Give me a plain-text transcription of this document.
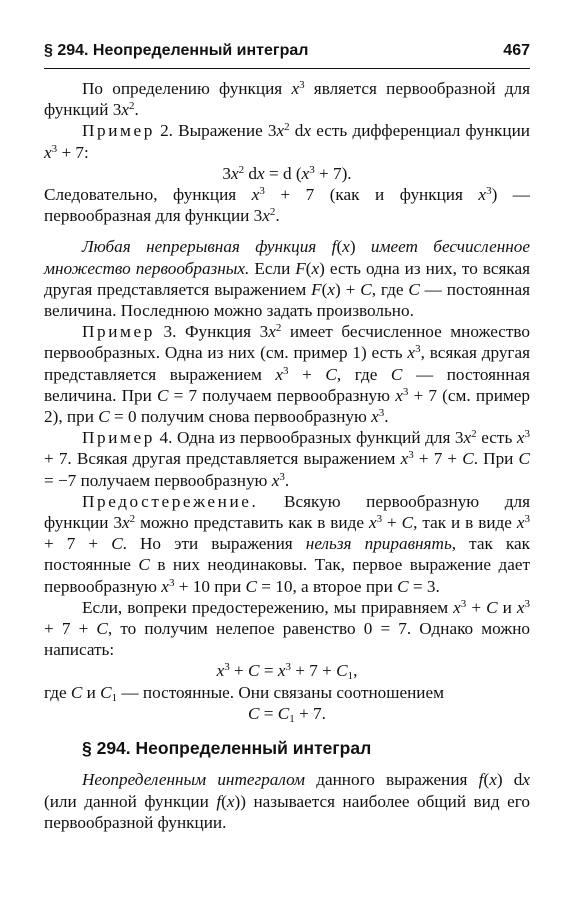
§ 294. Неопределенный интеграл	467

По определению функция $x^3$ является первообразной для функций $3x^2$.

Пример 2. Выражение $3x^2$ dx есть дифференциал функции $x^3 + 7$:

$3x^2$ dx = d $(x^3 + 7)$.

Следовательно, функция $x^3 + 7$ (как и функция $x^3$) — первообразная для функции $3x^2$.

Любая непрерывная функция f(x) имеет бесчисленное множество первообразных. Если F(x) есть одна из них, то всякая другая представляется выражением F(x) + C, где C — постоянная величина. Последнюю можно задать произвольно.

Пример 3. Функция $3x^2$ имеет бесчисленное множество первообразных. Одна из них (см. пример 1) есть $x^3$, всякая другая представляется выражением $x^3 + C$, где C — постоянная величина. При C = 7 получаем первообразную $x^3 + 7$ (см. пример 2), при C = 0 получим снова первообразную $x^3$.

Пример 4. Одна из первообразных функций для $3x^2$ есть $x^3 + 7$. Всякая другая представляется выражением $x^3 + 7 + C$. При C = −7 получаем первообразную $x^3$.

Предостережение. Всякую первообразную для функции $3x^2$ можно представить как в виде $x^3 + C$, так и в виде $x^3 + 7 + C$. Но эти выражения нельзя приравнять, так как постоянные C в них неодинаковы. Так, первое выражение дает первообразную $x^3 + 10$ при C = 10, а второе при C = 3.

Если, вопреки предостережению, мы приравняем $x^3 + C$ и $x^3 + 7 + C$, то получим нелепое равенство 0 = 7. Однако можно написать:

$x^3 + C = x^3 + 7 + C_1$,

где C и $C_1$ — постоянные. Они связаны соотношением

$C = C_1 + 7$.

§ 294. Неопределенный интеграл

Неопределенным интегралом данного выражения f(x) dx (или данной функции f(x)) называется наиболее общий вид его первообразной функции.
